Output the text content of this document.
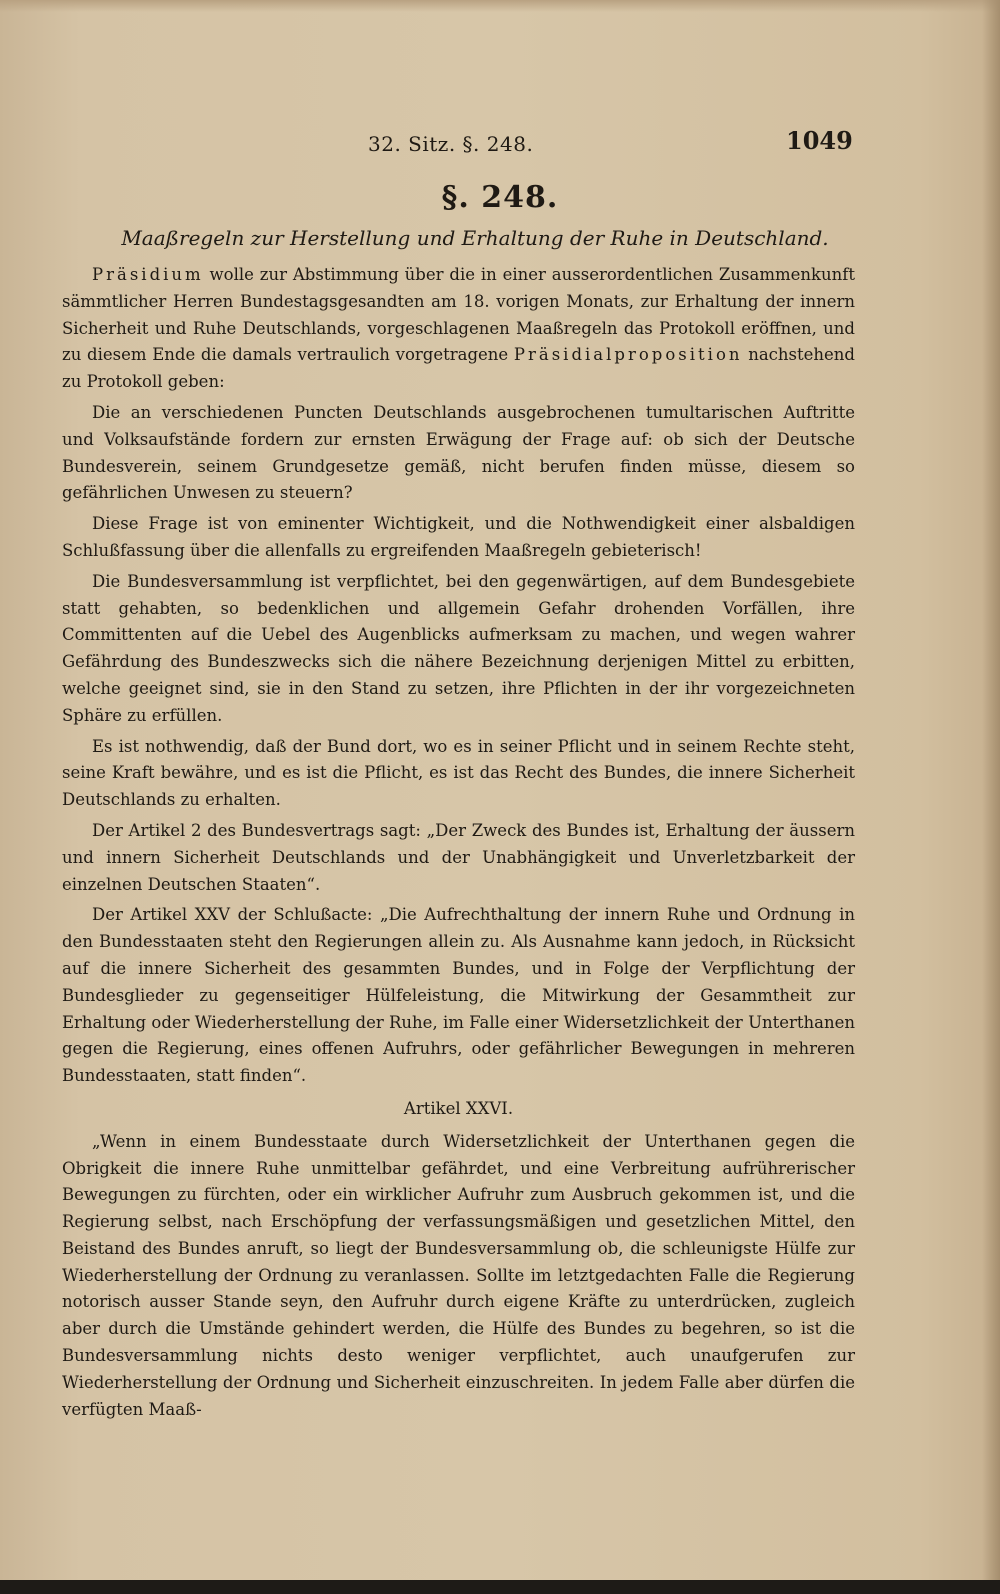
32. Sitz. §. 248.	1049
§. 248.
Maaßregeln zur Herstellung und Erhaltung der Ruhe in Deutschland.

Präsidium wolle zur Abstimmung über die in einer ausserordentlichen Zusammenkunft sämmtlicher Herren Bundestagsgesandten am 18. vorigen Monats, zur Erhaltung der innern Sicherheit und Ruhe Deutschlands, vorgeschlagenen Maaßregeln das Protokoll eröffnen, und zu diesem Ende die damals vertraulich vorgetragene Präsidialproposition nachstehend zu Protokoll geben:

Die an verschiedenen Puncten Deutschlands ausgebrochenen tumultarischen Auftritte und Volksaufstände fordern zur ernsten Erwägung der Frage auf: ob sich der Deutsche Bundesverein, seinem Grundgesetze gemäß, nicht berufen finden müsse, diesem so gefährlichen Unwesen zu steuern?

Diese Frage ist von eminenter Wichtigkeit, und die Nothwendigkeit einer alsbaldigen Schlußfassung über die allenfalls zu ergreifenden Maaßregeln gebieterisch!

Die Bundesversammlung ist verpflichtet, bei den gegenwärtigen, auf dem Bundesgebiete statt gehabten, so bedenklichen und allgemein Gefahr drohenden Vorfällen, ihre Committenten auf die Uebel des Augenblicks aufmerksam zu machen, und wegen wahrer Gefährdung des Bundeszwecks sich die nähere Bezeichnung derjenigen Mittel zu erbitten, welche geeignet sind, sie in den Stand zu setzen, ihre Pflichten in der ihr vorgezeichneten Sphäre zu erfüllen.

Es ist nothwendig, daß der Bund dort, wo es in seiner Pflicht und in seinem Rechte steht, seine Kraft bewähre, und es ist die Pflicht, es ist das Recht des Bundes, die innere Sicherheit Deutschlands zu erhalten.

Der Artikel 2 des Bundesvertrags sagt: „Der Zweck des Bundes ist, Erhaltung der äussern und innern Sicherheit Deutschlands und der Unabhängigkeit und Unverletzbarkeit der einzelnen Deutschen Staaten“.

Der Artikel XXV der Schlußacte: „Die Aufrechthaltung der innern Ruhe und Ordnung in den Bundesstaaten steht den Regierungen allein zu. Als Ausnahme kann jedoch, in Rücksicht auf die innere Sicherheit des gesammten Bundes, und in Folge der Verpflichtung der Bundesglieder zu gegenseitiger Hülfeleistung, die Mitwirkung der Gesammtheit zur Erhaltung oder Wiederherstellung der Ruhe, im Falle einer Widersetzlichkeit der Unterthanen gegen die Regierung, eines offenen Aufruhrs, oder gefährlicher Bewegungen in mehreren Bundesstaaten, statt finden“.

Artikel XXVI.

„Wenn in einem Bundesstaate durch Widersetzlichkeit der Unterthanen gegen die Obrigkeit die innere Ruhe unmittelbar gefährdet, und eine Verbreitung aufrührerischer Bewegungen zu fürchten, oder ein wirklicher Aufruhr zum Ausbruch gekommen ist, und die Regierung selbst, nach Erschöpfung der verfassungsmäßigen und gesetzlichen Mittel, den Beistand des Bundes anruft, so liegt der Bundesversammlung ob, die schleunigste Hülfe zur Wiederherstellung der Ordnung zu veranlassen. Sollte im letztgedachten Falle die Regierung notorisch ausser Stande seyn, den Aufruhr durch eigene Kräfte zu unterdrücken, zugleich aber durch die Umstände gehindert werden, die Hülfe des Bundes zu begehren, so ist die Bundesversammlung nichts desto weniger verpflichtet, auch unaufgerufen zur Wiederherstellung der Ordnung und Sicherheit einzuschreiten. In jedem Falle aber dürfen die verfügten Maaß-
